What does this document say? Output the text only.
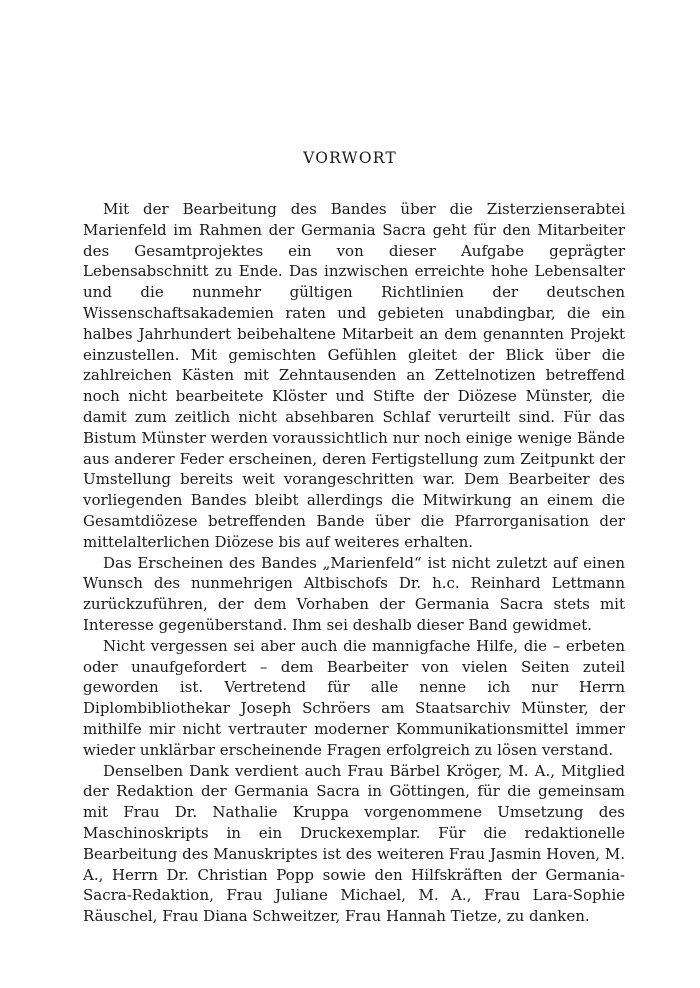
VORWORT

Mit der Bearbeitung des Bandes über die Zisterzienserabtei Marienfeld im Rahmen der Germania Sacra geht für den Mitarbeiter des Gesamtprojektes ein von dieser Aufgabe geprägter Lebensabschnitt zu Ende. Das inzwischen erreichte hohe Lebensalter und die nunmehr gültigen Richtlinien der deutschen Wissenschaftsakademien raten und gebieten unabdingbar, die ein halbes Jahrhundert beibehaltene Mitarbeit an dem genannten Projekt einzustellen. Mit gemischten Gefühlen gleitet der Blick über die zahlreichen Kästen mit Zehntausenden an Zettelnotizen betreffend noch nicht bearbeitete Klöster und Stifte der Diözese Münster, die damit zum zeitlich nicht absehbaren Schlaf verurteilt sind. Für das Bistum Münster werden voraussichtlich nur noch einige wenige Bände aus anderer Feder erscheinen, deren Fertigstellung zum Zeitpunkt der Umstellung bereits weit vorangeschritten war. Dem Bearbeiter des vorliegenden Bandes bleibt allerdings die Mitwirkung an einem die Gesamtdiözese betreffenden Bande über die Pfarrorganisation der mittelalterlichen Diözese bis auf weiteres erhalten.

Das Erscheinen des Bandes „Marienfeld“ ist nicht zuletzt auf einen Wunsch des nunmehrigen Altbischofs Dr. h.c. Reinhard Lettmann zurückzuführen, der dem Vorhaben der Germania Sacra stets mit Interesse gegenüberstand. Ihm sei deshalb dieser Band gewidmet.

Nicht vergessen sei aber auch die mannigfache Hilfe, die – erbeten oder unaufgefordert – dem Bearbeiter von vielen Seiten zuteil geworden ist. Vertretend für alle nenne ich nur Herrn Diplombibliothekar Joseph Schröers am Staatsarchiv Münster, der mithilfe mir nicht vertrauter moderner Kommunikationsmittel immer wieder unklärbar erscheinende Fragen erfolgreich zu lösen verstand.

Denselben Dank verdient auch Frau Bärbel Kröger, M. A., Mitglied der Redaktion der Germania Sacra in Göttingen, für die gemeinsam mit Frau Dr. Nathalie Kruppa vorgenommene Umsetzung des Maschinoskripts in ein Druckexemplar. Für die redaktionelle Bearbeitung des Manuskriptes ist des weiteren Frau Jasmin Hoven, M. A., Herrn Dr. Christian Popp sowie den Hilfskräften der Germania-Sacra-Redaktion, Frau Juliane Michael, M. A., Frau Lara-Sophie Räuschel, Frau Diana Schweitzer, Frau Hannah Tietze, zu danken.
